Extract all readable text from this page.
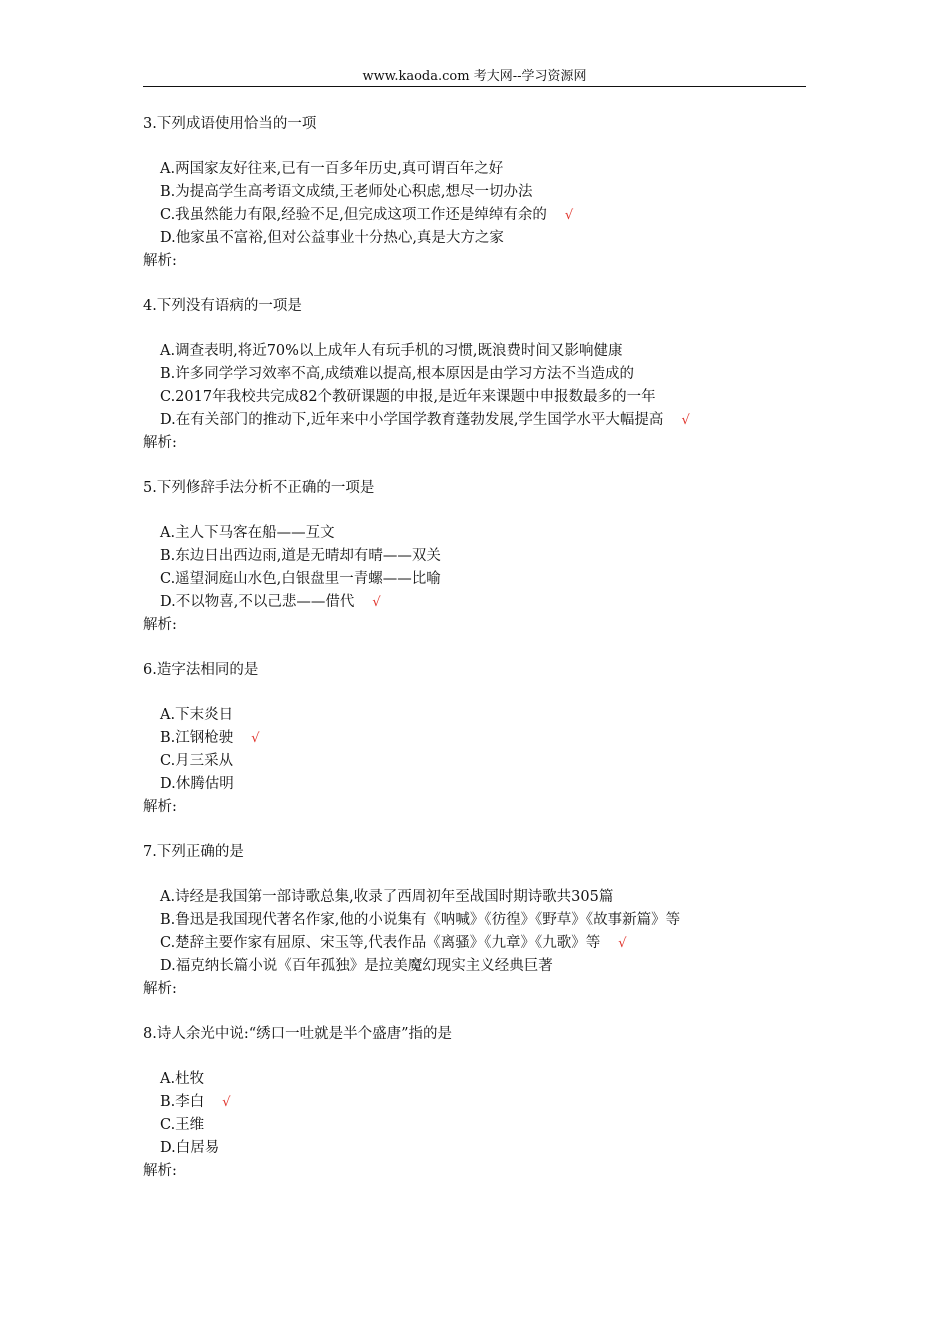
www.kaoda.com 考大网--学习资源网
3.下列成语使用恰当的一项
A.两国家友好往来,已有一百多年历史,真可谓百年之好
B.为提高学生高考语文成绩,王老师处心积虑,想尽一切办法
C.我虽然能力有限,经验不足,但完成这项工作还是绰绰有余的 √
D.他家虽不富裕,但对公益事业十分热心,真是大方之家
解析:
4.下列没有语病的一项是
A.调查表明,将近70%以上成年人有玩手机的习惯,既浪费时间又影响健康
B.许多同学学习效率不高,成绩难以提高,根本原因是由学习方法不当造成的
C.2017年我校共完成82个教研课题的申报,是近年来课题中申报数最多的一年
D.在有关部门的推动下,近年来中小学国学教育蓬勃发展,学生国学水平大幅提高 √
解析:
5.下列修辞手法分析不正确的一项是
A.主人下马客在船——互文
B.东边日出西边雨,道是无晴却有晴——双关
C.遥望洞庭山水色,白银盘里一青螺——比喻
D.不以物喜,不以己悲——借代 √
解析:
6.造字法相同的是
A.下末炎日
B.江钢枪驶 √
C.月三采从
D.休腾估明
解析:
7.下列正确的是
A.诗经是我国第一部诗歌总集,收录了西周初年至战国时期诗歌共305篇
B.鲁迅是我国现代著名作家,他的小说集有《呐喊》《彷徨》《野草》《故事新篇》等
C.楚辞主要作家有屈原、宋玉等,代表作品《离骚》《九章》《九歌》等 √
D.福克纳长篇小说《百年孤独》是拉美魔幻现实主义经典巨著
解析:
8.诗人余光中说:“绣口一吐就是半个盛唐”指的是
A.杜牧
B.李白 √
C.王维
D.白居易
解析:
